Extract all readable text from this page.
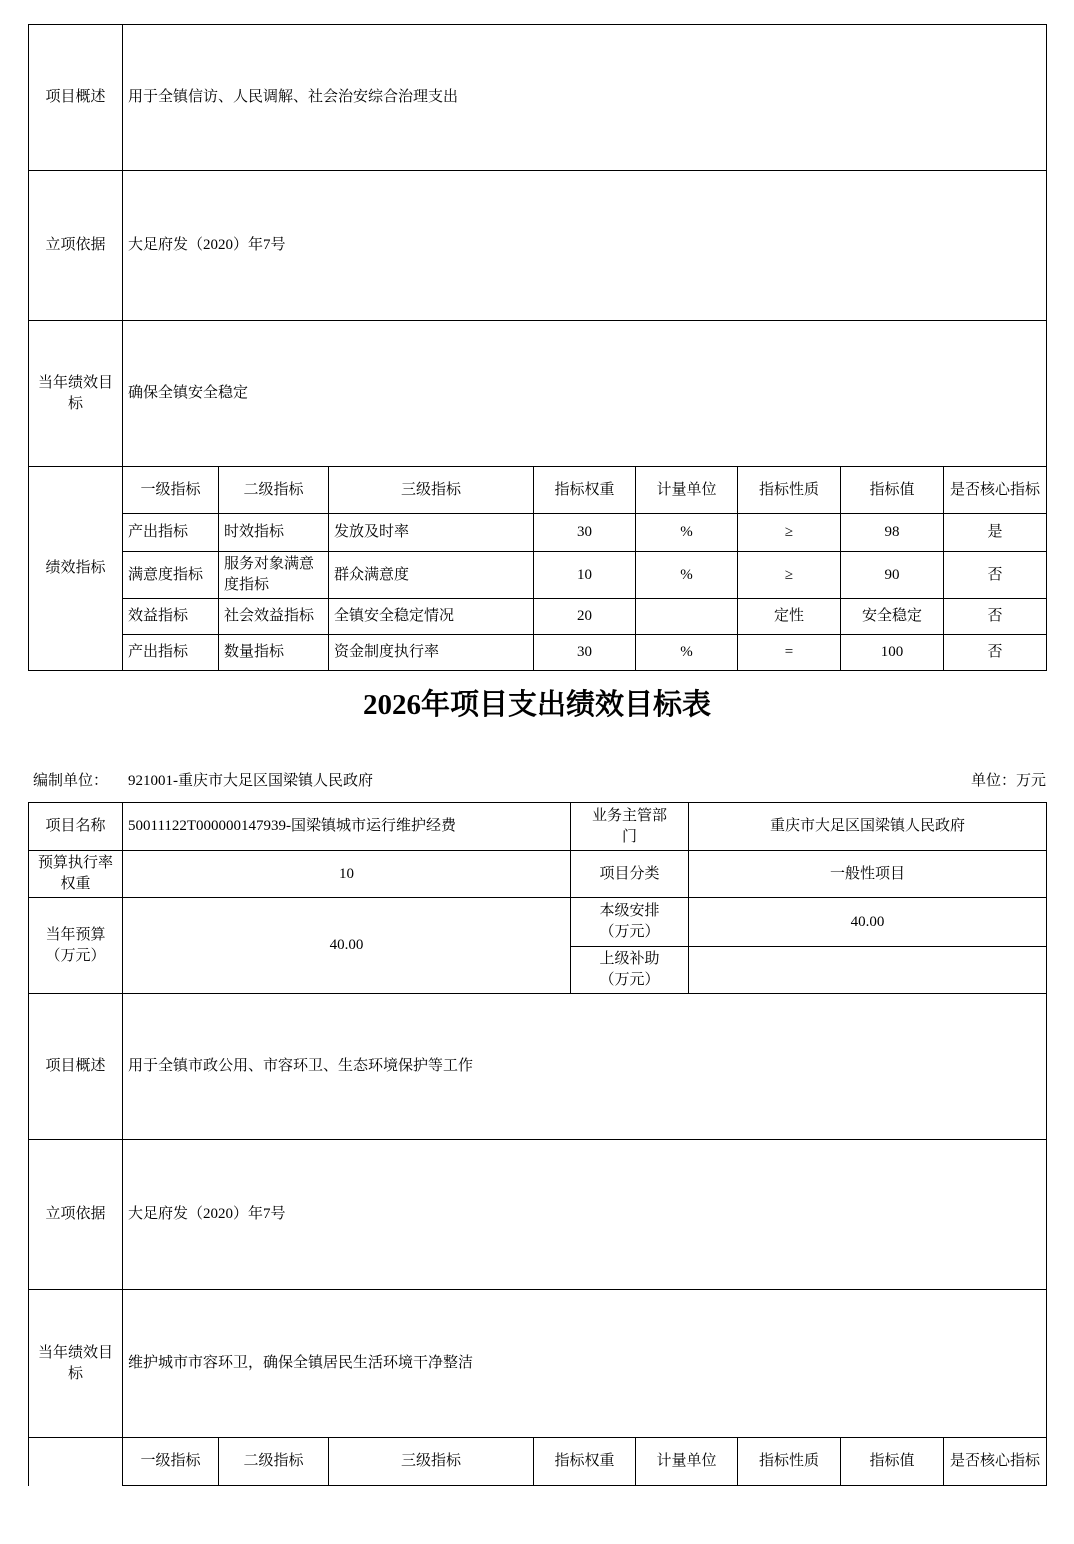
项目概述	用于全镇信访、人民调解、社会治安综合治理支出							
立项依据	大足府发（2020）年7号							
当年绩效目标	确保全镇安全稳定							
绩效指标	一级指标	二级指标	三级指标	指标权重	计量单位	指标性质	指标值	是否核心指标
	产出指标	时效指标	发放及时率	30	%	≥	98	是
	满意度指标	服务对象满意度指标	群众满意度	10	%	≥	90	否
	效益指标	社会效益指标	全镇安全稳定情况	20		定性	安全稳定	否
	产出指标	数量指标	资金制度执行率	30	%	=	100	否
2026年项目支出绩效目标表
编制单位： 921001-重庆市大足区国梁镇人民政府	单位：万元
项目名称	50011122T000000147939-国梁镇城市运行维护经费	业务主管部门	重庆市大足区国梁镇人民政府
预算执行率权重	10	项目分类	一般性项目
当年预算（万元）	40.00	本级安排（万元）	40.00
		上级补助（万元）	
项目概述	用于全镇市政公用、市容环卫、生态环境保护等工作		
立项依据	大足府发（2020）年7号		
当年绩效目标	维护城市市容环卫，确保全镇居民生活环境干净整洁		
	一级指标	二级指标	三级指标	指标权重	计量单位	指标性质	指标值	是否核心指标
